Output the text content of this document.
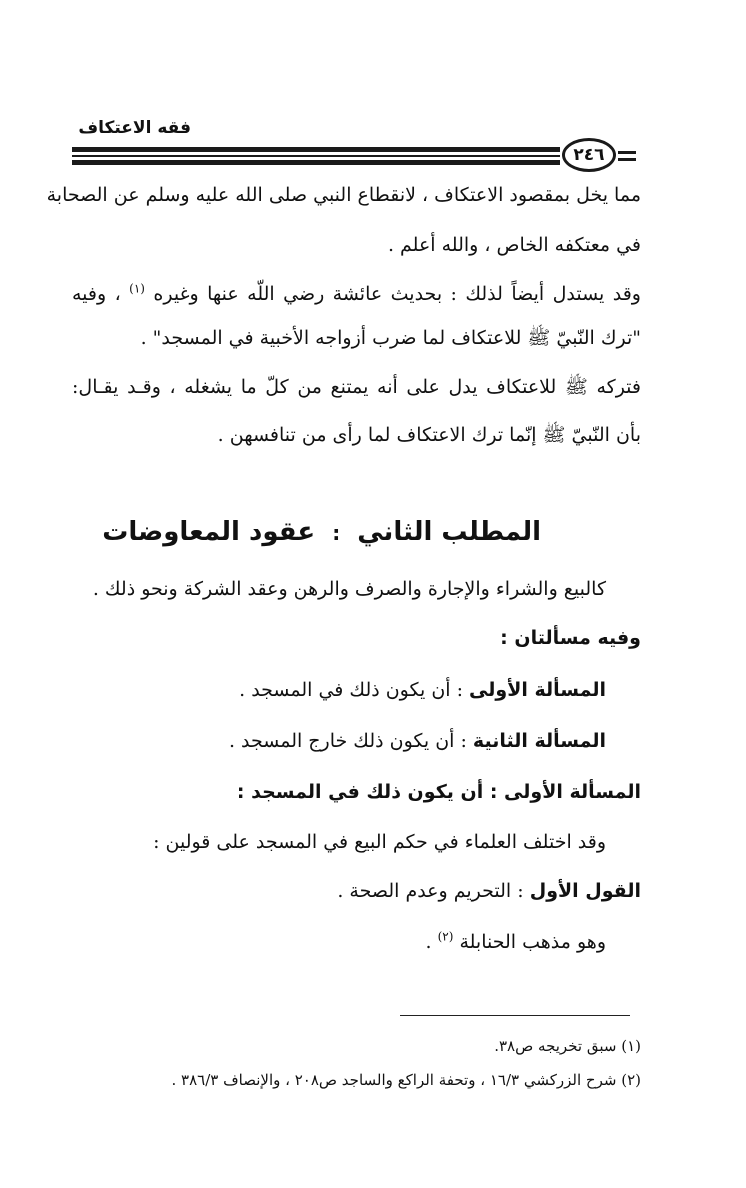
فقه الاعتكاف
٢٤٦
مما يخل بمقصود الاعتكاف ، لانقطاع النبي صلى الله عليه وسلم عن الصحابة
في معتكفه الخاص ، والله أعلم .
وقد يستدل أيضاً لذلك : بحديث عائشة رضي اللّه عنها وغيره $^{(١)}$ ، وفيه
"ترك النّبيّ ﷺ للاعتكاف لما ضرب أزواجه الأخبية في المسجد" .
فتركه ﷺ للاعتكاف يدل على أنه يمتنع من كلّ ما يشغله ، وقـد يقـال:
بأن النّبيّ ﷺ إنّما ترك الاعتكاف لما رأى من تنافسهن .
المطلب الثاني : عقود المعاوضات
كالبيع والشراء والإجارة والصرف والرهن وعقد الشركة ونحو ذلك .
وفيه مسألتان :
المسألة الأولى : أن يكون ذلك في المسجد .
المسألة الثانية : أن يكون ذلك خارج المسجد .
المسألة الأولى : أن يكون ذلك في المسجد :
وقد اختلف العلماء في حكم البيع في المسجد على قولين :
القول الأول : التحريم وعدم الصحة .
وهو مذهب الحنابلة $^{(٢)}$ .
(١) سبق تخريجه ص٣٨.
(٢) شرح الزركشي ١٦/٣ ، وتحفة الراكع والساجد ص٢٠٨ ، والإنصاف ٣٨٦/٣ .
